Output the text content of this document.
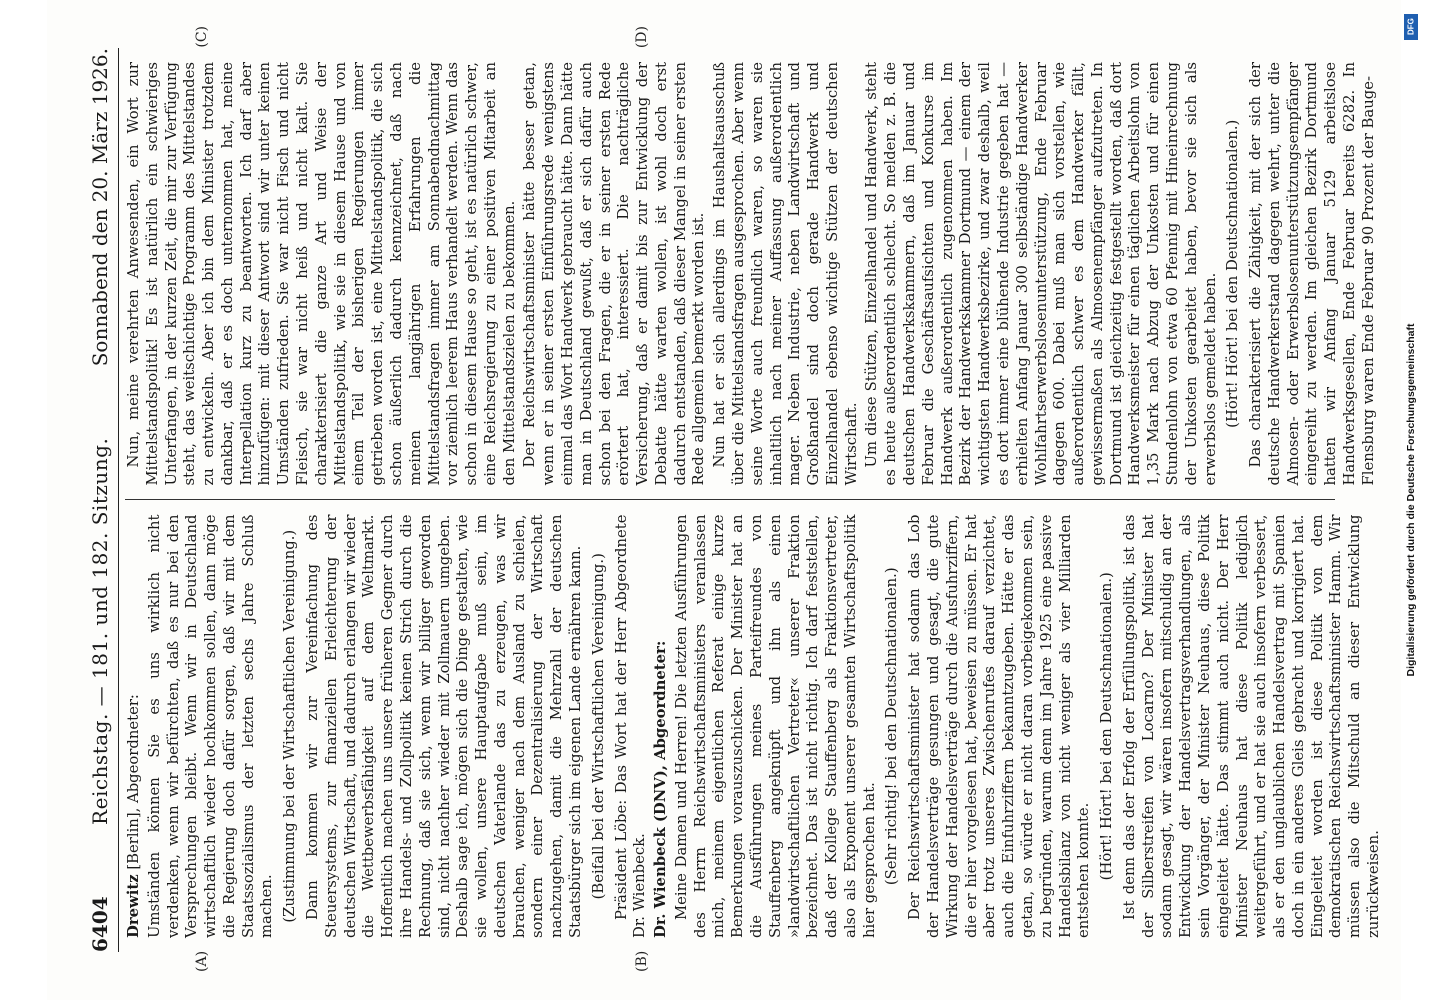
6404
Reichstag. — 181. und 182. Sitzung.
Sonnabend den 20. März 1926.

Drewitz [Berlin], Abgeordneter: Umständen können Sie es uns wirklich nicht verdenken, wenn wir befürchten, daß es nur bei den Versprechungen bleibt. Wenn wir in Deutschland wirtschaftlich wieder hochkommen sollen, dann möge die Regierung doch dafür sorgen, daß wir mit dem Staatssozialismus der letzten sechs Jahre Schluß machen. (Zustimmung bei der Wirtschaftlichen Vereinigung.) Dann kommen wir zur Vereinfachung des Steuersystems, zur finanziellen Erleichterung der deutschen Wirtschaft, und dadurch erlangen wir wieder die Wettbewerbsfähigkeit auf dem Weltmarkt. Hoffentlich machen uns unsere früheren Gegner durch ihre Handels- und Zollpolitik keinen Strich durch die Rechnung, daß sie sich, wenn wir billiger geworden sind, nicht nachher wieder mit Zollmauern umgeben. Deshalb sage ich, mögen sich die Dinge gestalten, wie sie wollen, unsere Hauptaufgabe muß sein, im deutschen Vaterlande das zu erzeugen, was wir brauchen, weniger nach dem Ausland zu schielen, sondern einer Dezentralisierung der Wirtschaft nachzugehen, damit die Mehrzahl der deutschen Staatsbürger sich im eigenen Lande ernähren kann. (Beifall bei der Wirtschaftlichen Vereinigung.) Präsident Löbe: Das Wort hat der Herr Abgeordnete Dr. Wienbeck. Dr. Wienbeck (DNV), Abgeordneter: Meine Damen und Herren! Die letzten Ausführungen des Herrn Reichswirtschaftsministers veranlassen mich, meinem eigentlichen Referat einige kurze Bemerkungen vorauszuschicken. Der Minister hat an die Ausführungen meines Parteifreundes von Stauffenberg angeknüpft und ihn als einen »landwirtschaftlichen Vertreter« unserer Fraktion bezeichnet. Das ist nicht richtig. Ich darf feststellen, daß der Kollege Stauffenberg als Fraktionsvertreter, also als Exponent unserer gesamten Wirtschaftspolitik hier gesprochen hat. (Sehr richtig! bei den Deutschnationalen.) Der Reichswirtschaftsminister hat sodann das Lob der Handelsverträge gesungen und gesagt, die gute Wirkung der Handelsverträge durch die Ausfuhrziffern, die er hier vorgelesen hat, beweisen zu müssen. Er hat aber trotz unseres Zwischenrufes darauf verzichtet, auch die Einfuhrziffern bekanntzugeben. Hätte er das getan, so würde er nicht daran vorbeigekommen sein, zu begründen, warum denn im Jahre 1925 eine passive Handelsbilanz von nicht weniger als vier Milliarden entstehen konnte. (Hört! Hört! bei den Deutschnationalen.) Ist denn das der Erfolg der Erfüllungspolitik, ist das der Silberstreifen von Locarno? Der Minister hat sodann gesagt, wir wären insofern mitschuldig an der Entwicklung der Handelsvertragsverhandlungen, als sein Vorgänger, der Minister Neuhaus, diese Politik eingeleitet hätte. Das stimmt auch nicht. Der Herr Minister Neuhaus hat diese Politik lediglich weitergeführt, und er hat sie auch insofern verbessert, als er den unglaublichen Handelsvertrag mit Spanien doch in ein anderes Gleis gebracht und korrigiert hat. Eingeleitet worden ist diese Politik von dem demokratischen Reichswirtschaftsminister Hamm. Wir müssen also die Mitschuld an dieser Entwicklung zurückweisen.

Nun, meine verehrten Anwesenden, ein Wort zur Mittelstandspolitik! Es ist natürlich ein schwieriges Unterfangen, in der kurzen Zeit, die mir zur Verfügung steht, das weitschichtige Programm des Mittelstandes zu entwickeln. Aber ich bin dem Minister trotzdem dankbar, daß er es doch unternommen hat, meine Interpellation kurz zu beantworten. Ich darf aber hinzufügen: mit dieser Antwort sind wir unter keinen Umständen zufrieden. Sie war nicht Fisch und nicht Fleisch, sie war nicht heiß und nicht kalt. Sie charakterisiert die ganze Art und Weise der Mittelstandspolitik, wie sie in diesem Hause und von einem Teil der bisherigen Regierungen immer getrieben worden ist, eine Mittelstandspolitik, die sich schon äußerlich dadurch kennzeichnet, daß nach meinen langjährigen Erfahrungen die Mittelstandsfragen immer am Sonnabendnachmittag vor ziemlich leerem Haus verhandelt werden. Wenn das schon in diesem Hause so geht, ist es natürlich schwer, eine Reichsregierung zu einer positiven Mitarbeit an den Mittelstandszielen zu bekommen. Der Reichswirtschaftsminister hätte besser getan, wenn er in seiner ersten Einführungsrede wenigstens einmal das Wort Handwerk gebraucht hätte. Dann hätte man in Deutschland gewußt, daß er sich dafür auch schon bei den Fragen, die er in seiner ersten Rede erörtert hat, interessiert. Die nachträgliche Versicherung, daß er damit bis zur Entwicklung der Debatte hätte warten wollen, ist wohl doch erst dadurch entstanden, daß dieser Mangel in seiner ersten Rede allgemein bemerkt worden ist. Nun hat er sich allerdings im Haushaltsausschuß über die Mittelstandsfragen ausgesprochen. Aber wenn seine Worte auch freundlich waren, so waren sie inhaltlich nach meiner Auffassung außerordentlich mager. Neben Industrie, neben Landwirtschaft und Großhandel sind doch gerade Handwerk und Einzelhandel ebenso wichtige Stützen der deutschen Wirtschaft. Um diese Stützen, Einzelhandel und Handwerk, steht es heute außerordentlich schlecht. So melden z. B. die deutschen Handwerkskammern, daß im Januar und Februar die Geschäftsaufsichten und Konkurse im Handwerk außerordentlich zugenommen haben. Im Bezirk der Handwerkskammer Dortmund — einem der wichtigsten Handwerksbezirke, und zwar deshalb, weil es dort immer eine blühende Industrie gegeben hat — erhielten Anfang Januar 300 selbständige Handwerker Wohlfahrtserwerbslosenunterstützung, Ende Februar dagegen 600. Dabei muß man sich vorstellen, wie außerordentlich schwer es dem Handwerker fällt, gewissermaßen als Almosenempfänger aufzutreten. In Dortmund ist gleichzeitig festgestellt worden, daß dort Handwerksmeister für einen täglichen Arbeitslohn von 1,35 Mark nach Abzug der Unkosten und für einen Stundenlohn von etwa 60 Pfennig mit Hineinrechnung der Unkosten gearbeitet haben, bevor sie sich als erwerbslos gemeldet haben. (Hört! Hört! bei den Deutschnationalen.) Das charakterisiert die Zähigkeit, mit der sich der deutsche Handwerkerstand dagegen wehrt, unter die Almosen- oder Erwerbslosenunterstützungsempfänger eingereiht zu werden. Im gleichen Bezirk Dortmund hatten wir Anfang Januar 5129 arbeitslose Handwerksgesellen, Ende Februar bereits 6282. In Flensburg waren Ende Februar 90 Prozent der Bauge-

(A)	(B)
(C)	(D)	DFG
Digitalisierung gefördert durch die Deutsche Forschungsgemeinschaft
